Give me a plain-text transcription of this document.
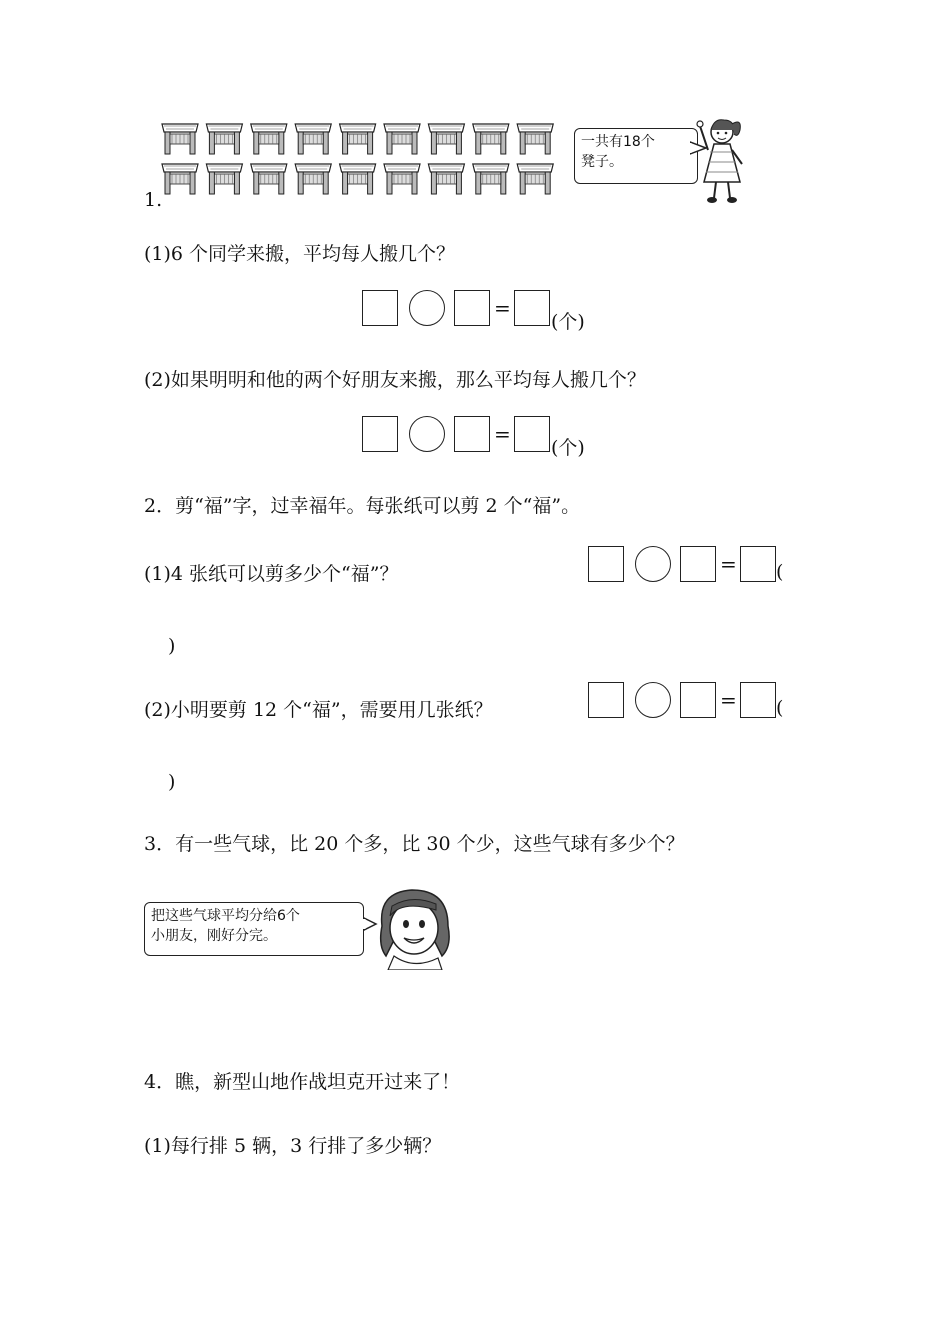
一共有18个
凳子。
1.
(1)6 个同学来搬，平均每人搬几个？
=
(个)
(2)如果明明和他的两个好朋友来搬，那么平均每人搬几个？
=
(个)
2．剪“福”字，过幸福年。每张纸可以剪 2 个“福”。
(1)4 张纸可以剪多少个“福”？	= (
)
(2)小明要剪 12 个“福”，需要用几张纸？	= (
)
3．有一些气球，比 20 个多，比 30 个少，这些气球有多少个？
把这些气球平均分给6个
小朋友，刚好分完。
4．瞧，新型山地作战坦克开过来了！
(1)每行排 5 辆，3 行排了多少辆？
